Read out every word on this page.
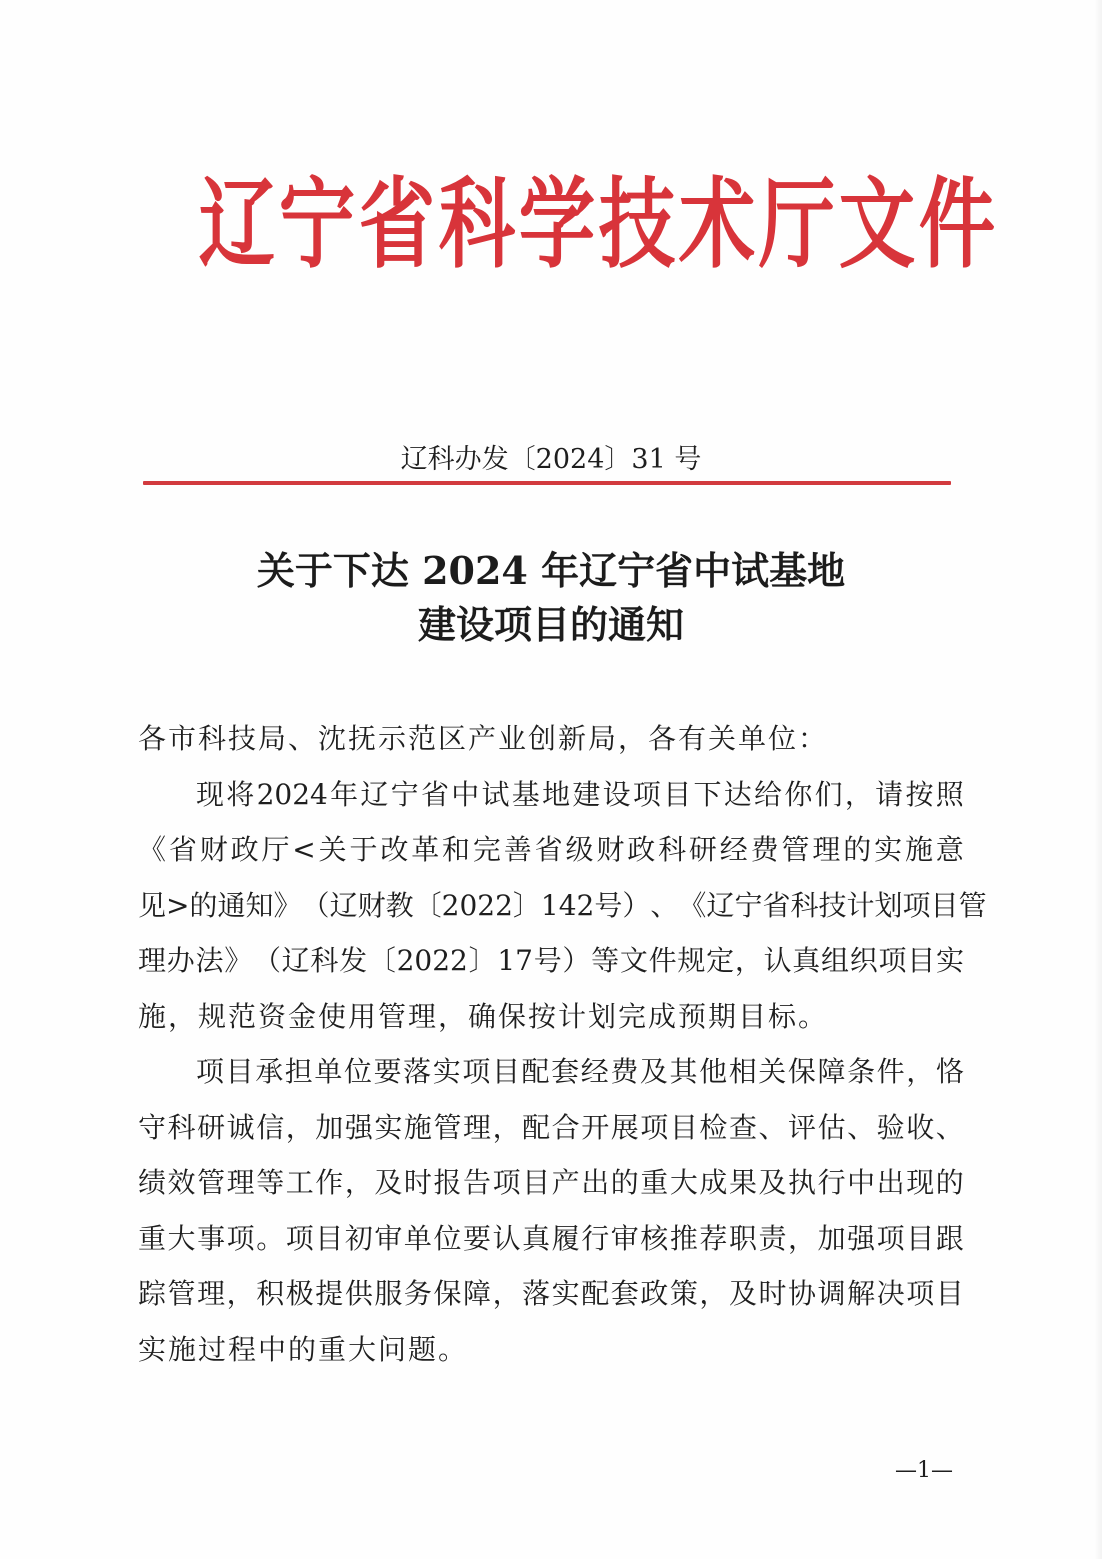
辽 宁 省 科 学 技 术 厅 文 件
辽科办发〔2024〕31 号
关于下达 2024 年辽宁省中试基地
建设项目的通知
各市科技局、沈抚示范区产业创新局，各有关单位：
现 将 2024 年 辽 宁 省 中 试 基 地 建 设 项 目 下 达 给 你 们 ， 请 按 照
《 省 财 政 厅 < 关 于 改 革 和 完 善 省 级 财 政 科 研 经 费 管 理 的 实 施 意
见 > 的 通 知 》 （ 辽 财 教 〔 2022 〕 142 号 ） 、 《 辽 宁 省 科 技 计 划 项 目 管
理 办 法 》 （ 辽 科 发 〔 2022 〕 17 号 ） 等 文 件 规 定 ， 认 真 组 织 项 目 实
施，规范资金使用管理，确保按计划完成预期目标。
项 目 承 担 单 位 要 落 实 项 目 配 套 经 费 及 其 他 相 关 保 障 条 件 ， 恪
守 科 研 诚 信 ， 加 强 实 施 管 理 ， 配 合 开 展 项 目 检 查 、 评 估 、 验 收 、
绩 效 管 理 等 工 作 ， 及 时 报 告 项 目 产 出 的 重 大 成 果 及 执 行 中 出 现 的
重 大 事 项 。 项 目 初 审 单 位 要 认 真 履 行 审 核 推 荐 职 责 ， 加 强 项 目 跟
踪 管 理 ， 积 极 提 供 服 务 保 障 ， 落 实 配 套 政 策 ， 及 时 协 调 解 决 项 目
实施过程中的重大问题。
—1—
